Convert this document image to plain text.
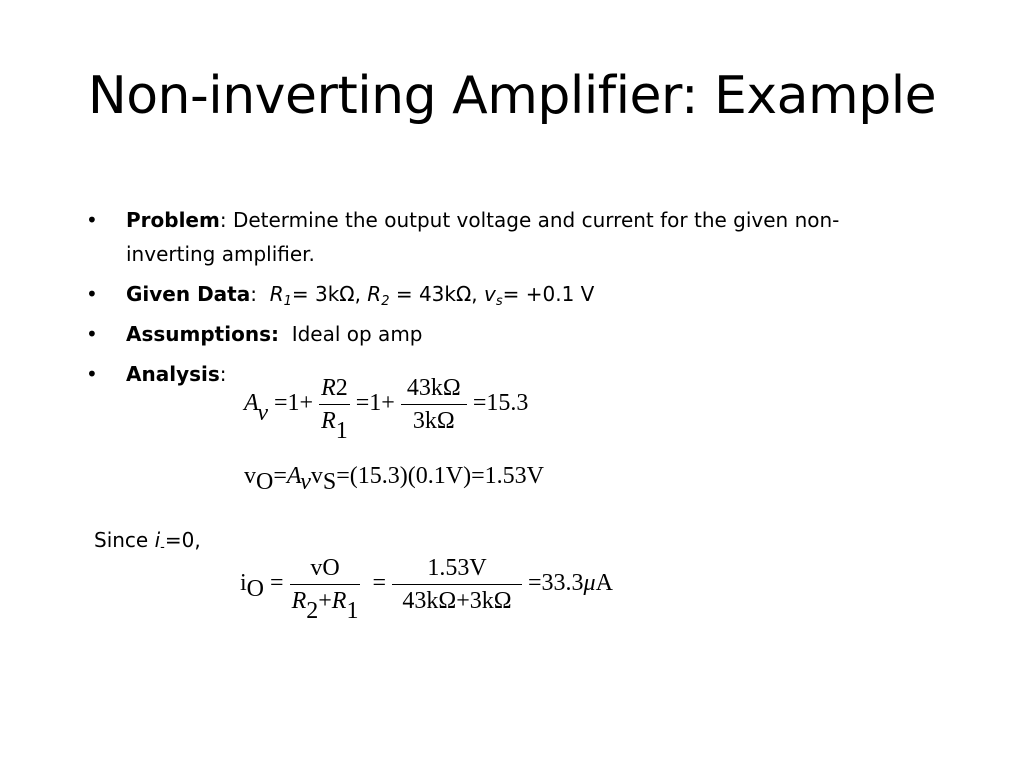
Non-inverting Amplifier: Example
•	Problem: Determine the output voltage and current for the given non-inverting amplifier.
•	Given Data:  $R_1= 3k\Omega$, $R_2 = 43k\Omega$, $v_s= +0.1$ V
•	Assumptions:  Ideal op amp
•	Analysis:
$Av =1+ \frac{R2}{R1} =1+ \frac{43k\Omega}{3k\Omega} =15.3$
vO=AvvS=(15.3)(0.1V)=1.53V
Since $i_-=0$,
iO = $\frac{vO}{R2+R1} = \frac{1.53V}{43k\Omega+3k\Omega} =33.3\mu A$
